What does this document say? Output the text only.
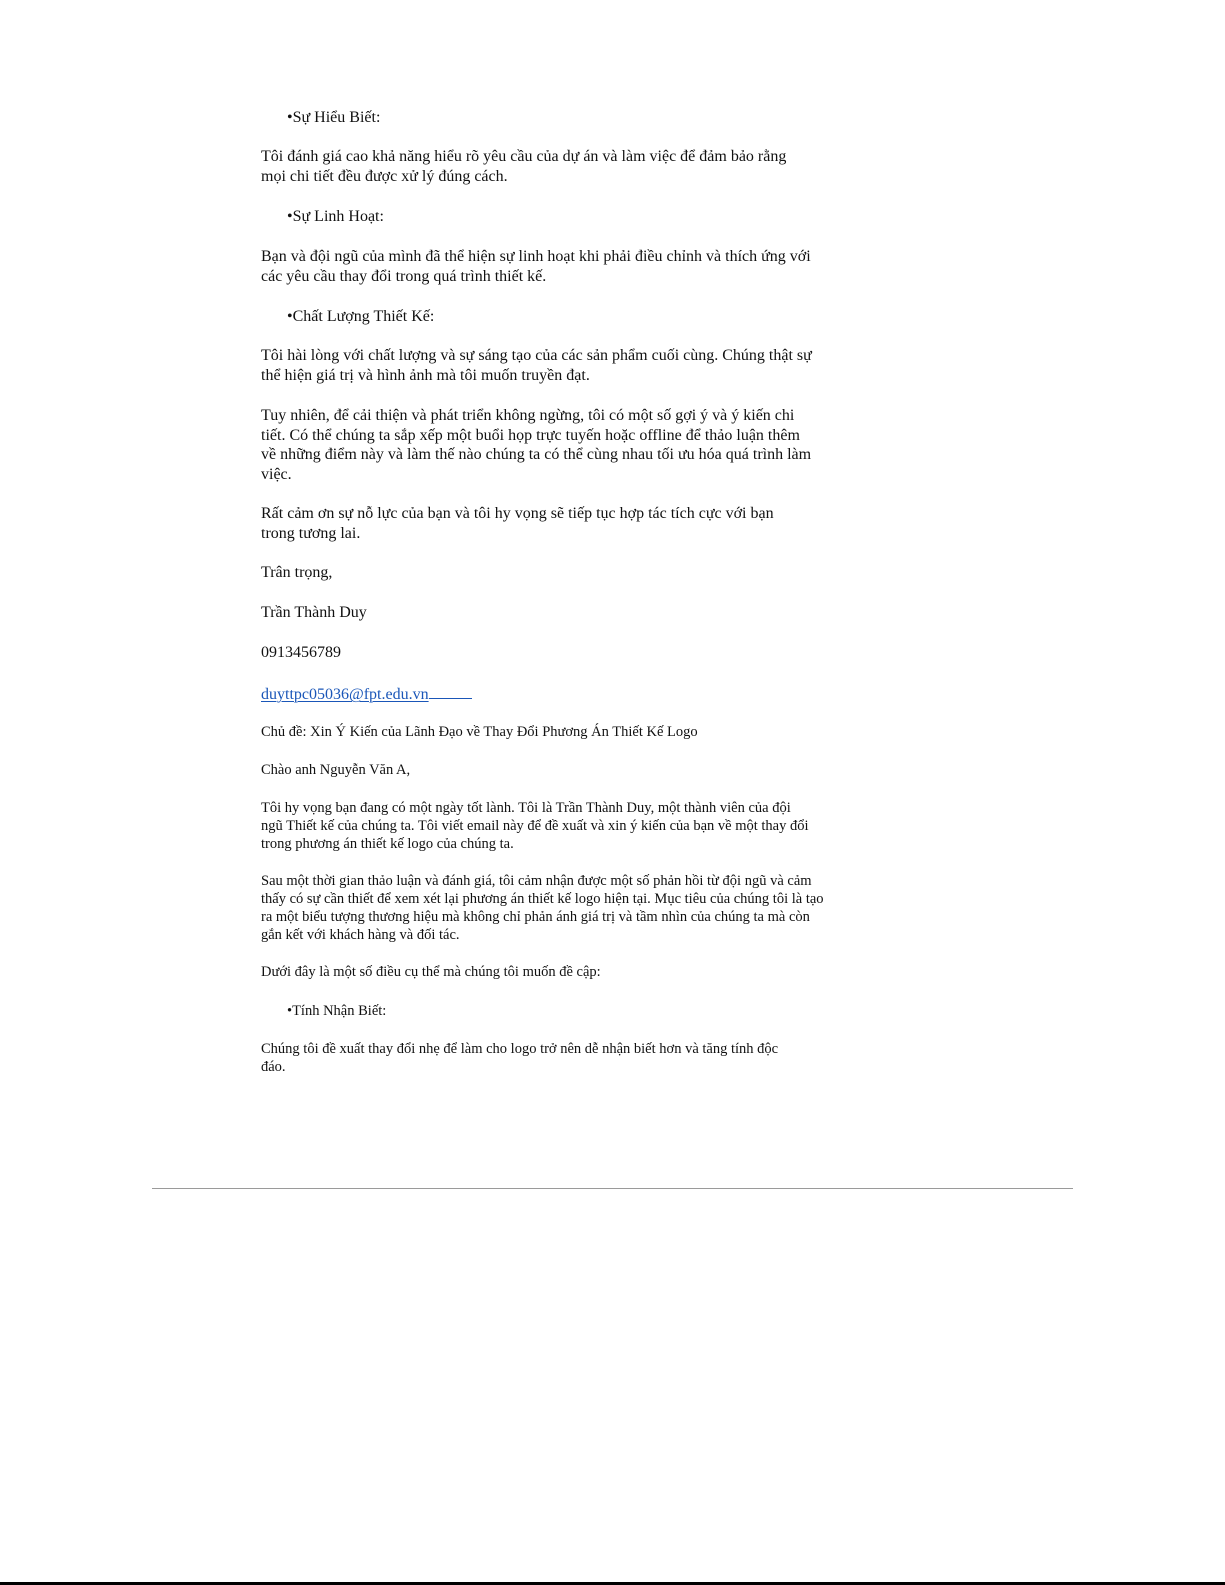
•Sự Hiểu Biết:

Tôi đánh giá cao khả năng hiểu rõ yêu cầu của dự án và làm việc để đảm bảo rằng mọi chi tiết đều được xử lý đúng cách.

•Sự Linh Hoạt:

Bạn và đội ngũ của mình đã thể hiện sự linh hoạt khi phải điều chỉnh và thích ứng với các yêu cầu thay đổi trong quá trình thiết kế.

•Chất Lượng Thiết Kế:

Tôi hài lòng với chất lượng và sự sáng tạo của các sản phẩm cuối cùng. Chúng thật sự thể hiện giá trị và hình ảnh mà tôi muốn truyền đạt.

Tuy nhiên, để cải thiện và phát triển không ngừng, tôi có một số gợi ý và ý kiến chi tiết. Có thể chúng ta sắp xếp một buổi họp trực tuyến hoặc offline để thảo luận thêm về những điểm này và làm thế nào chúng ta có thể cùng nhau tối ưu hóa quá trình làm việc.

Rất cảm ơn sự nỗ lực của bạn và tôi hy vọng sẽ tiếp tục hợp tác tích cực với bạn trong tương lai.

Trân trọng,

Trần Thành Duy

0913456789

duyttpc05036@fpt.edu.vn

Chủ đề: Xin Ý Kiến của Lãnh Đạo về Thay Đổi Phương Án Thiết Kế Logo

Chào anh Nguyễn Văn A,

Tôi hy vọng bạn đang có một ngày tốt lành. Tôi là Trần Thành Duy, một thành viên của đội ngũ Thiết kế của chúng ta. Tôi viết email này để đề xuất và xin ý kiến của bạn về một thay đổi trong phương án thiết kế logo của chúng ta.

Sau một thời gian thảo luận và đánh giá, tôi cảm nhận được một số phản hồi từ đội ngũ và cảm thấy có sự cần thiết để xem xét lại phương án thiết kế logo hiện tại. Mục tiêu của chúng tôi là tạo ra một biểu tượng thương hiệu mà không chỉ phản ánh giá trị và tầm nhìn của chúng ta mà còn gắn kết với khách hàng và đối tác.

Dưới đây là một số điều cụ thể mà chúng tôi muốn đề cập:

•Tính Nhận Biết:

Chúng tôi đề xuất thay đổi nhẹ để làm cho logo trở nên dễ nhận biết hơn và tăng tính độc đáo.
